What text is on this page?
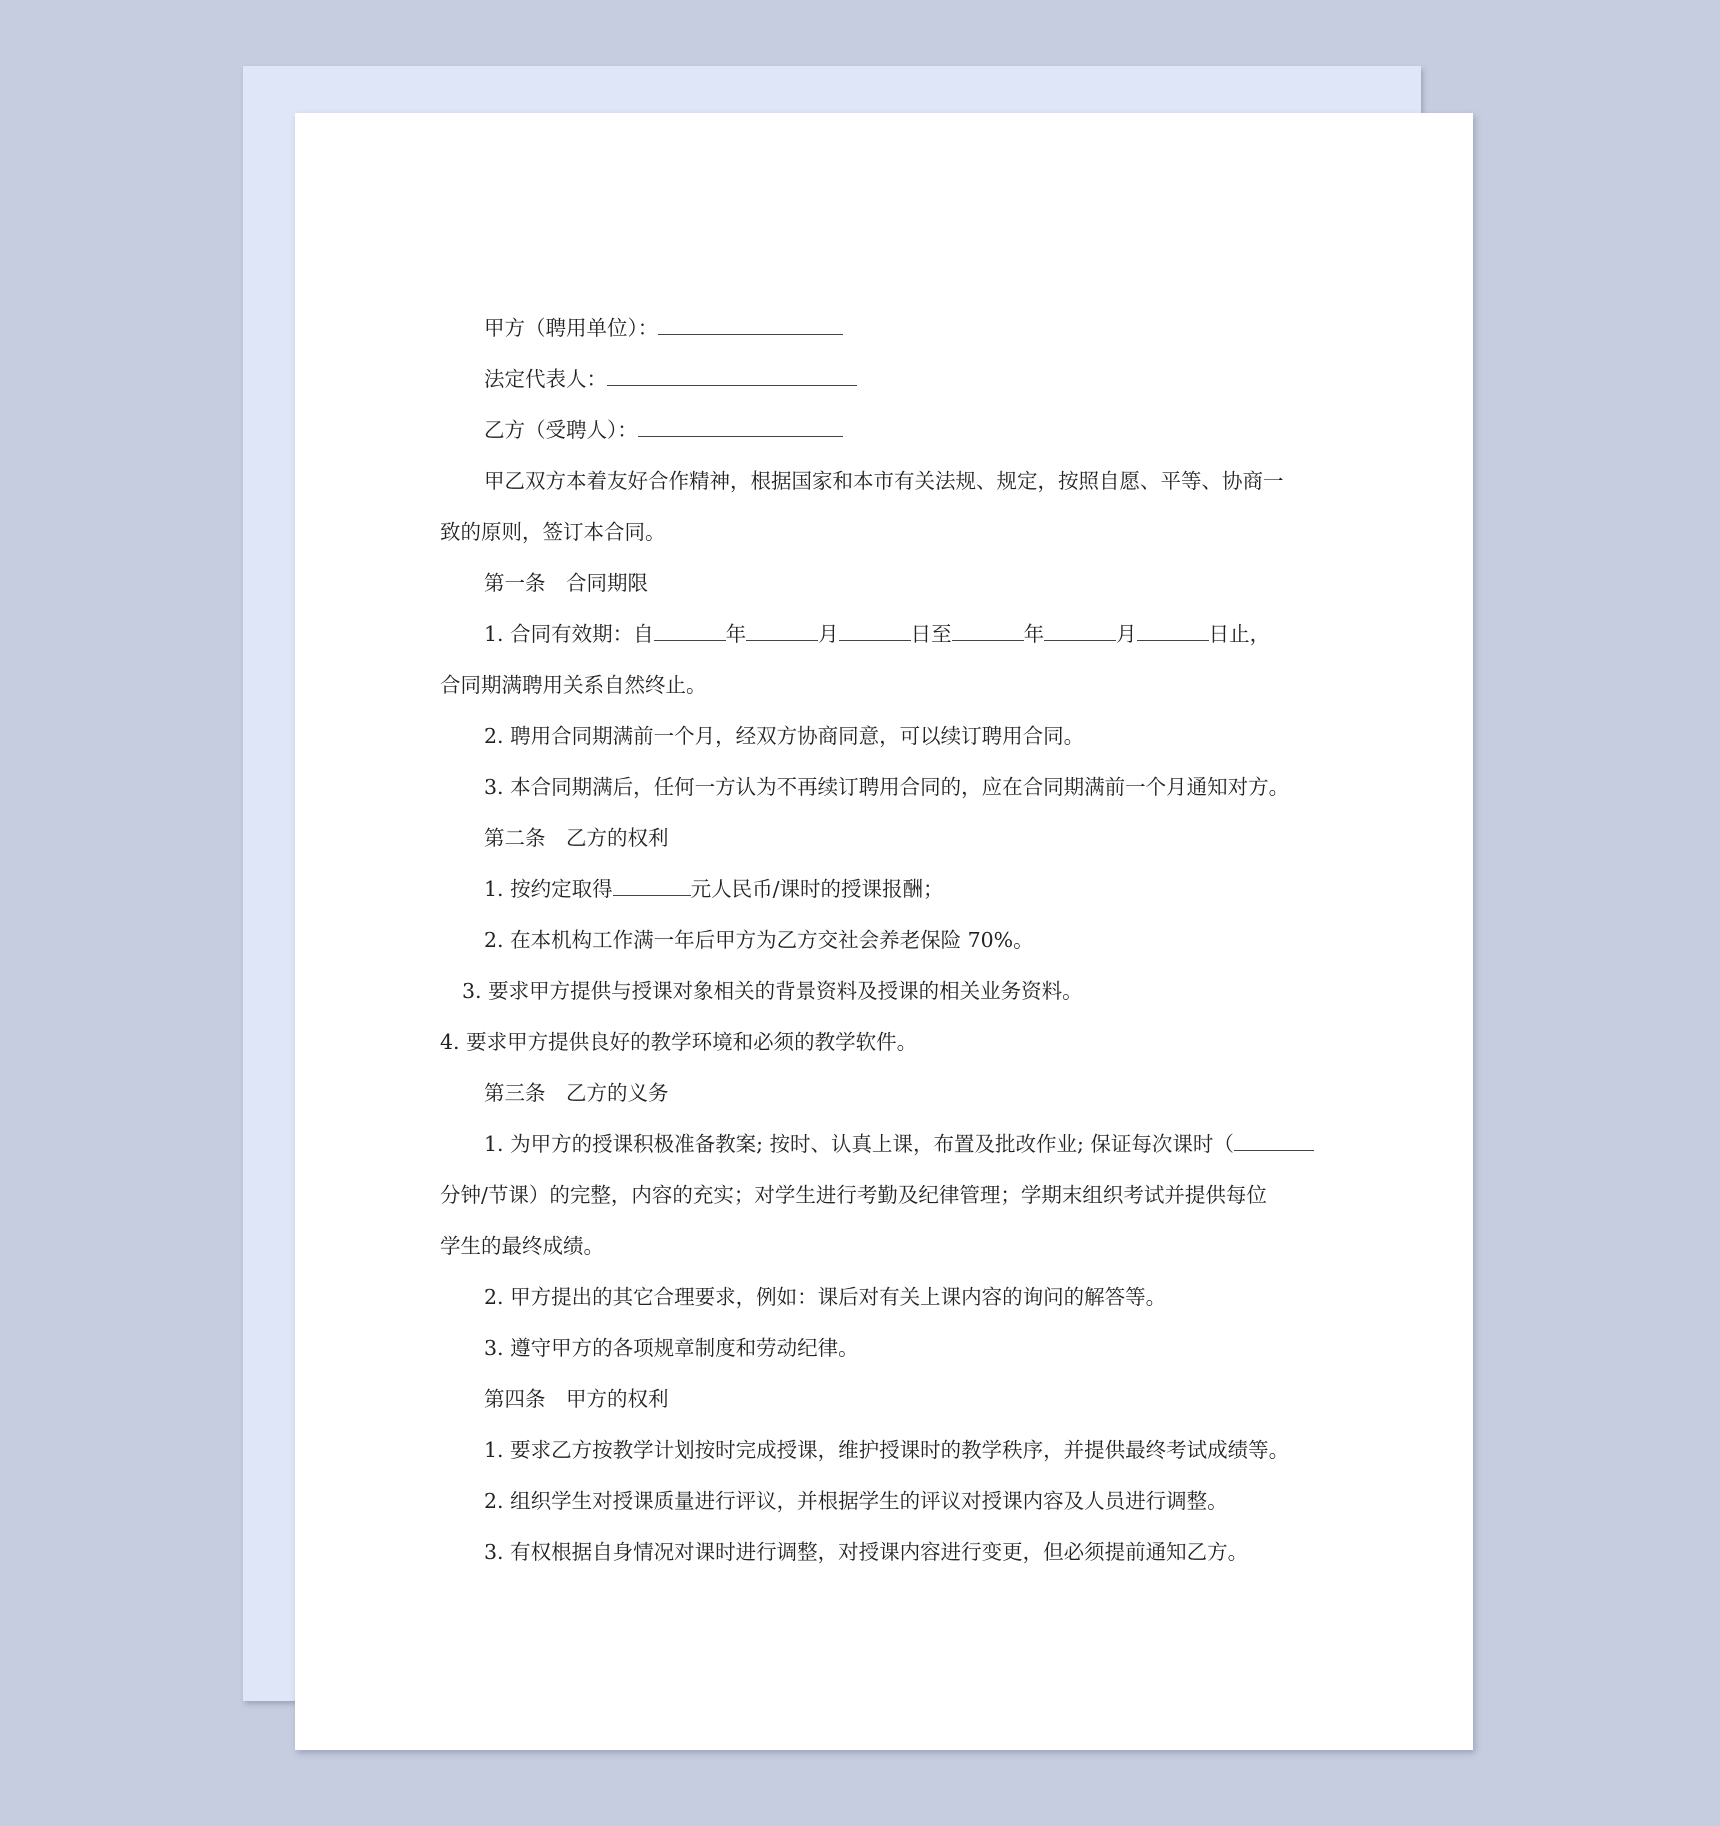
甲方（聘用单位）：

法定代表人：

乙方（受聘人）：

甲乙双方本着友好合作精神，根据国家和本市有关法规、规定，按照自愿、平等、协商一

致的原则，签订本合同。

第一条　合同期限

1. 合同有效期：自	年	月	日至	年	月	日止，

合同期满聘用关系自然终止。

2. 聘用合同期满前一个月，经双方协商同意，可以续订聘用合同。

3. 本合同期满后，任何一方认为不再续订聘用合同的，应在合同期满前一个月通知对方。

第二条　乙方的权利

1. 按约定取得	元人民币/课时的授课报酬；

2. 在本机构工作满一年后甲方为乙方交社会养老保险 70%。

3. 要求甲方提供与授课对象相关的背景资料及授课的相关业务资料。

4. 要求甲方提供良好的教学环境和必须的教学软件。

第三条　乙方的义务

1. 为甲方的授课积极准备教案; 按时、认真上课，布置及批改作业; 保证每次课时（

分钟/节课）的完整，内容的充实；对学生进行考勤及纪律管理；学期末组织考试并提供每位

学生的最终成绩。

2. 甲方提出的其它合理要求，例如：课后对有关上课内容的询问的解答等。

3. 遵守甲方的各项规章制度和劳动纪律。

第四条　甲方的权利

1. 要求乙方按教学计划按时完成授课，维护授课时的教学秩序，并提供最终考试成绩等。

2. 组织学生对授课质量进行评议，并根据学生的评议对授课内容及人员进行调整。

3. 有权根据自身情况对课时进行调整，对授课内容进行变更，但必须提前通知乙方。
